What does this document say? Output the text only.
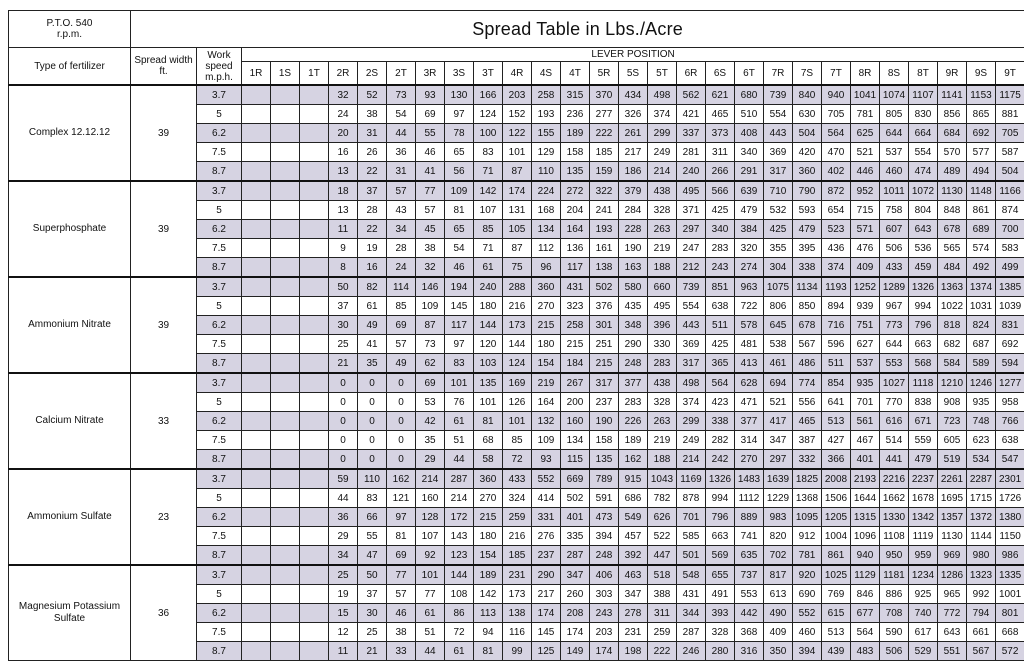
P.T.O. 540
r.p.m.	Spread Table in Lbs./Acre																												
Type of fertilizer	Spread width ft.	Work speed m.p.h.	LEVER POSITION																										
			1R	1S	1T	2R	2S	2T	3R	3S	3T	4R	4S	4T	5R	5S	5T	6R	6S	6T	7R	7S	7T	8R	8S	8T	9R	9S	9T
Complex 12.12.12	39	3.7				32	52	73	93	130	166	203	258	315	370	434	498	562	621	680	739	840	940	1041	1074	1107	1141	1153	1175
		5				24	38	54	69	97	124	152	193	236	277	326	374	421	465	510	554	630	705	781	805	830	856	865	881
		6.2				20	31	44	55	78	100	122	155	189	222	261	299	337	373	408	443	504	564	625	644	664	684	692	705
		7.5				16	26	36	46	65	83	101	129	158	185	217	249	281	311	340	369	420	470	521	537	554	570	577	587
		8.7				13	22	31	41	56	71	87	110	135	159	186	214	240	266	291	317	360	402	446	460	474	489	494	504
Superphosphate	39	3.7				18	37	57	77	109	142	174	224	272	322	379	438	495	566	639	710	790	872	952	1011	1072	1130	1148	1166
		5				13	28	43	57	81	107	131	168	204	241	284	328	371	425	479	532	593	654	715	758	804	848	861	874
		6.2				11	22	34	45	65	85	105	134	164	193	228	263	297	340	384	425	479	523	571	607	643	678	689	700
		7.5				9	19	28	38	54	71	87	112	136	161	190	219	247	283	320	355	395	436	476	506	536	565	574	583
		8.7				8	16	24	32	46	61	75	96	117	138	163	188	212	243	274	304	338	374	409	433	459	484	492	499
Ammonium Nitrate	39	3.7				50	82	114	146	194	240	288	360	431	502	580	660	739	851	963	1075	1134	1193	1252	1289	1326	1363	1374	1385
		5				37	61	85	109	145	180	216	270	323	376	435	495	554	638	722	806	850	894	939	967	994	1022	1031	1039
		6.2				30	49	69	87	117	144	173	215	258	301	348	396	443	511	578	645	678	716	751	773	796	818	824	831
		7.5				25	41	57	73	97	120	144	180	215	251	290	330	369	425	481	538	567	596	627	644	663	682	687	692
		8.7				21	35	49	62	83	103	124	154	184	215	248	283	317	365	413	461	486	511	537	553	568	584	589	594
Calcium Nitrate	33	3.7				0	0	0	69	101	135	169	219	267	317	377	438	498	564	628	694	774	854	935	1027	1118	1210	1246	1277
		5				0	0	0	53	76	101	126	164	200	237	283	328	374	423	471	521	556	641	701	770	838	908	935	958
		6.2				0	0	0	42	61	81	101	132	160	190	226	263	299	338	377	417	465	513	561	616	671	723	748	766
		7.5				0	0	0	35	51	68	85	109	134	158	189	219	249	282	314	347	387	427	467	514	559	605	623	638
		8.7				0	0	0	29	44	58	72	93	115	135	162	188	214	242	270	297	332	366	401	441	479	519	534	547
Ammonium Sulfate	23	3.7				59	110	162	214	287	360	433	552	669	789	915	1043	1169	1326	1483	1639	1825	2008	2193	2216	2237	2261	2287	2301
		5				44	83	121	160	214	270	324	414	502	591	686	782	878	994	1112	1229	1368	1506	1644	1662	1678	1695	1715	1726
		6.2				36	66	97	128	172	215	259	331	401	473	549	626	701	796	889	983	1095	1205	1315	1330	1342	1357	1372	1380
		7.5				29	55	81	107	143	180	216	276	335	394	457	522	585	663	741	820	912	1004	1096	1108	1119	1130	1144	1150
		8.7				34	47	69	92	123	154	185	237	287	248	392	447	501	569	635	702	781	861	940	950	959	969	980	986
Magnesium Potassium Sulfate	36	3.7				25	50	77	101	144	189	231	290	347	406	463	518	548	655	737	817	920	1025	1129	1181	1234	1286	1323	1335
		5				19	37	57	77	108	142	173	217	260	303	347	388	431	491	553	613	690	769	846	886	925	965	992	1001
		6.2				15	30	46	61	86	113	138	174	208	243	278	311	344	393	442	490	552	615	677	708	740	772	794	801
		7.5				12	25	38	51	72	94	116	145	174	203	231	259	287	328	368	409	460	513	564	590	617	643	661	668
		8.7				11	21	33	44	61	81	99	125	149	174	198	222	246	280	316	350	394	439	483	506	529	551	567	572
